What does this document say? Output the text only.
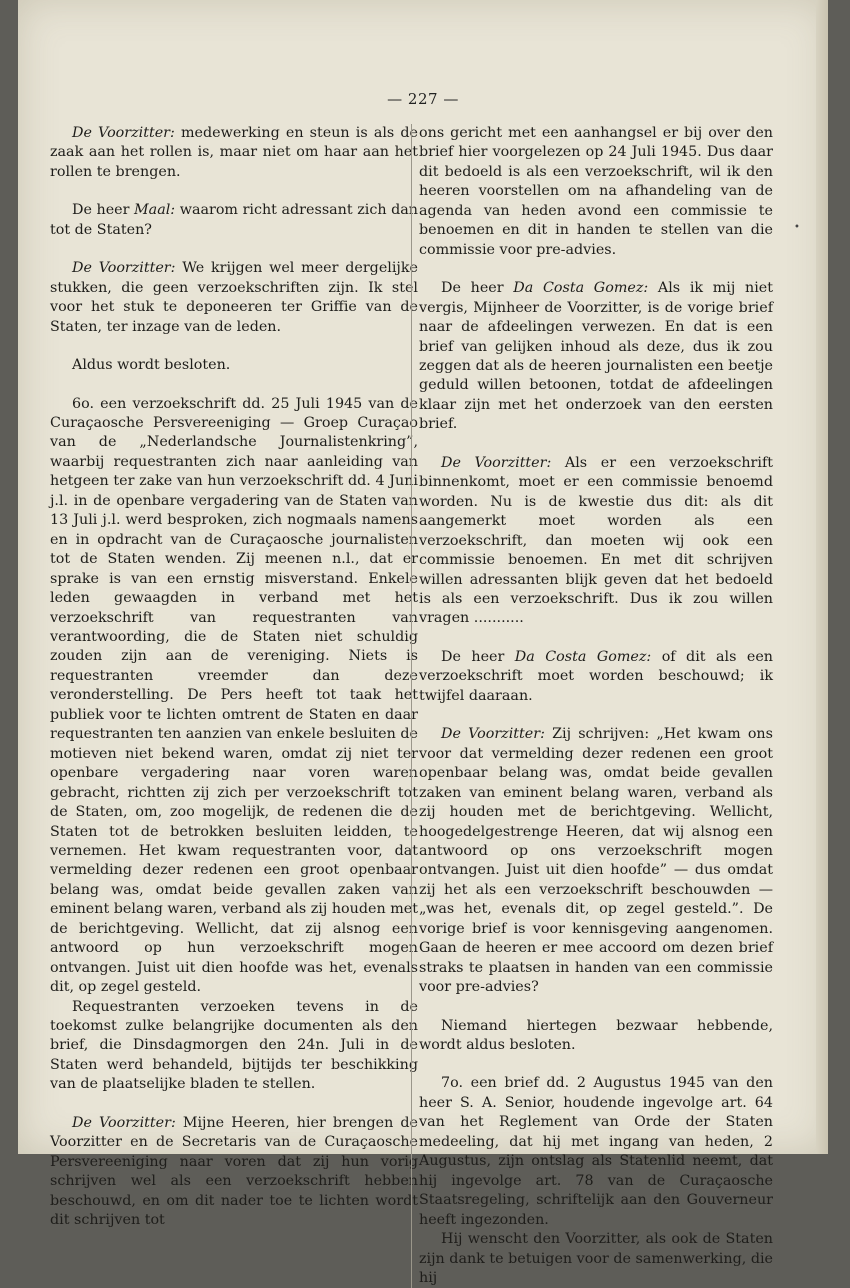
— 227 —

De Voorzitter: medewerking en steun is als de zaak aan het rollen is, maar niet om haar aan het rollen te brengen.

De heer Maal: waarom richt adressant zich dan tot de Staten?

De Voorzitter: We krijgen wel meer dergelijke stukken, die geen verzoekschriften zijn. Ik stel voor het stuk te deponeeren ter Griffie van de Staten, ter inzage van de leden.

Aldus wordt besloten.

6o. een verzoekschrift dd. 25 Juli 1945 van de Curaçaosche Persvereeniging — Groep Curaçao van de „Nederlandsche Journalistenkring”, waarbij requestranten zich naar aanleiding van hetgeen ter zake van hun verzoekschrift dd. 4 Juni j.l. in de openbare vergadering van de Staten van 13 Juli j.l. werd besproken, zich nogmaals namens en in opdracht van de Curaçaosche journalisten tot de Staten wenden. Zij meenen n.l., dat er sprake is van een ernstig misverstand. Enkele leden gewaagden in verband met het verzoekschrift van requestranten van verantwoording, die de Staten niet schuldig zouden zijn aan de vereniging. Niets is requestranten vreemder dan deze veronderstelling. De Pers heeft tot taak het publiek voor te lichten omtrent de Staten en daar requestranten ten aanzien van enkele besluiten de motieven niet bekend waren, omdat zij niet ter openbare vergadering naar voren waren gebracht, richtten zij zich per verzoekschrift tot de Staten, om, zoo mogelijk, de redenen die de Staten tot de betrokken besluiten leidden, te vernemen. Het kwam requestranten voor, dat vermelding dezer redenen een groot openbaar belang was, omdat beide gevallen zaken van eminent belang waren, verband als zij houden met de berichtgeving. Wellicht, dat zij alsnog een antwoord op hun verzoekschrift mogen ontvangen. Juist uit dien hoofde was het, evenals dit, op zegel gesteld.

Requestranten verzoeken tevens in de toekomst zulke belangrijke documenten als den brief, die Dinsdagmorgen den 24n. Juli in de Staten werd behandeld, bijtijds ter beschikking van de plaatselijke bladen te stellen.

De Voorzitter: Mijne Heeren, hier brengen de Voorzitter en de Secretaris van de Curaçaosche Persvereeniging naar voren dat zij hun vorig schrijven wel als een verzoekschrift hebben beschouwd, en om dit nader toe te lichten wordt dit schrijven tot

ons gericht met een aanhangsel er bij over den brief hier voorgelezen op 24 Juli 1945. Dus daar dit bedoeld is als een verzoekschrift, wil ik den heeren voorstellen om na afhandeling van de agenda van heden avond een commissie te benoemen en dit in handen te stellen van die commissie voor pre-advies.

De heer Da Costa Gomez: Als ik mij niet vergis, Mijnheer de Voorzitter, is de vorige brief naar de afdeelingen verwezen. En dat is een brief van gelijken inhoud als deze, dus ik zou zeggen dat als de heeren journalisten een beetje geduld willen betoonen, totdat de afdeelingen klaar zijn met het onderzoek van den eersten brief.

De Voorzitter: Als er een verzoekschrift binnenkomt, moet er een commissie benoemd worden. Nu is de kwestie dus dit: als dit aangemerkt moet worden als een verzoekschrift, dan moeten wij ook een commissie benoemen. En met dit schrijven willen adressanten blijk geven dat het bedoeld is als een verzoekschrift. Dus ik zou willen vragen ...........

De heer Da Costa Gomez: of dit als een verzoekschrift moet worden beschouwd; ik twijfel daaraan.

De Voorzitter: Zij schrijven: „Het kwam ons voor dat vermelding dezer redenen een groot openbaar belang was, omdat beide gevallen zaken van eminent belang waren, verband als zij houden met de berichtgeving. Wellicht, hoogedelgestrenge Heeren, dat wij alsnog een antwoord op ons verzoekschrift mogen ontvangen. Juist uit dien hoofde” — dus omdat zij het als een verzoekschrift beschouwden —„was het, evenals dit, op zegel gesteld.”. De vorige brief is voor kennisgeving aangenomen. Gaan de heeren er mee accoord om dezen brief straks te plaatsen in handen van een commissie voor pre-advies?

Niemand hiertegen bezwaar hebbende, wordt aldus besloten.

7o. een brief dd. 2 Augustus 1945 van den heer S. A. Senior, houdende ingevolge art. 64 van het Reglement van Orde der Staten medeeling, dat hij met ingang van heden, 2 Augustus, zijn ontslag als Statenlid neemt, dat hij ingevolge art. 78 van de Curaçaosche Staatsregeling, schriftelijk aan den Gouverneur heeft ingezonden.

Hij wenscht den Voorzitter, als ook de Staten zijn dank te betuigen voor de samenwerking, die hij

•
